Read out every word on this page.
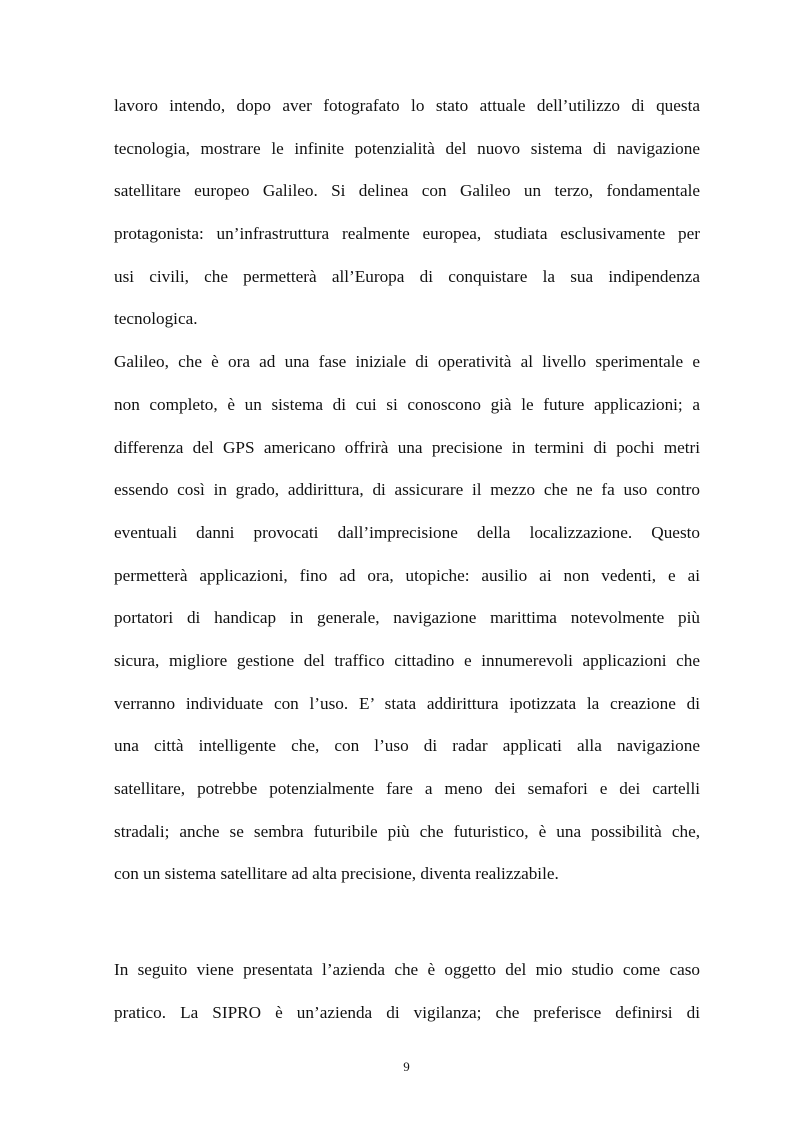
lavoro intendo, dopo aver fotografato lo stato attuale dell’utilizzo di questa
tecnologia, mostrare le infinite potenzialità del nuovo sistema di navigazione
satellitare europeo Galileo. Si delinea con Galileo un terzo, fondamentale
protagonista: un’infrastruttura realmente europea, studiata esclusivamente per
usi civili, che permetterà all’Europa di conquistare la sua indipendenza
tecnologica.
Galileo, che è ora ad una fase iniziale di operatività al livello sperimentale e
non completo, è un sistema di cui si conoscono già le future applicazioni; a
differenza del GPS americano offrirà una precisione in termini di pochi metri
essendo così in grado, addirittura, di assicurare il mezzo che ne fa uso contro
eventuali danni provocati dall’imprecisione della localizzazione. Questo
permetterà applicazioni, fino ad ora, utopiche: ausilio ai non vedenti, e ai
portatori di handicap in generale, navigazione marittima notevolmente più
sicura, migliore gestione del traffico cittadino e innumerevoli applicazioni che
verranno individuate con l’uso. E’ stata addirittura ipotizzata la creazione di
una città intelligente che, con l’uso di radar applicati alla navigazione
satellitare, potrebbe potenzialmente fare a meno dei semafori e dei cartelli
stradali; anche se sembra futuribile più che futuristico, è una possibilità che,
con un sistema satellitare ad alta precisione, diventa realizzabile.
In seguito viene presentata l’azienda che è oggetto del mio studio come caso
pratico. La SIPRO è un’azienda di vigilanza; che preferisce definirsi di
9
